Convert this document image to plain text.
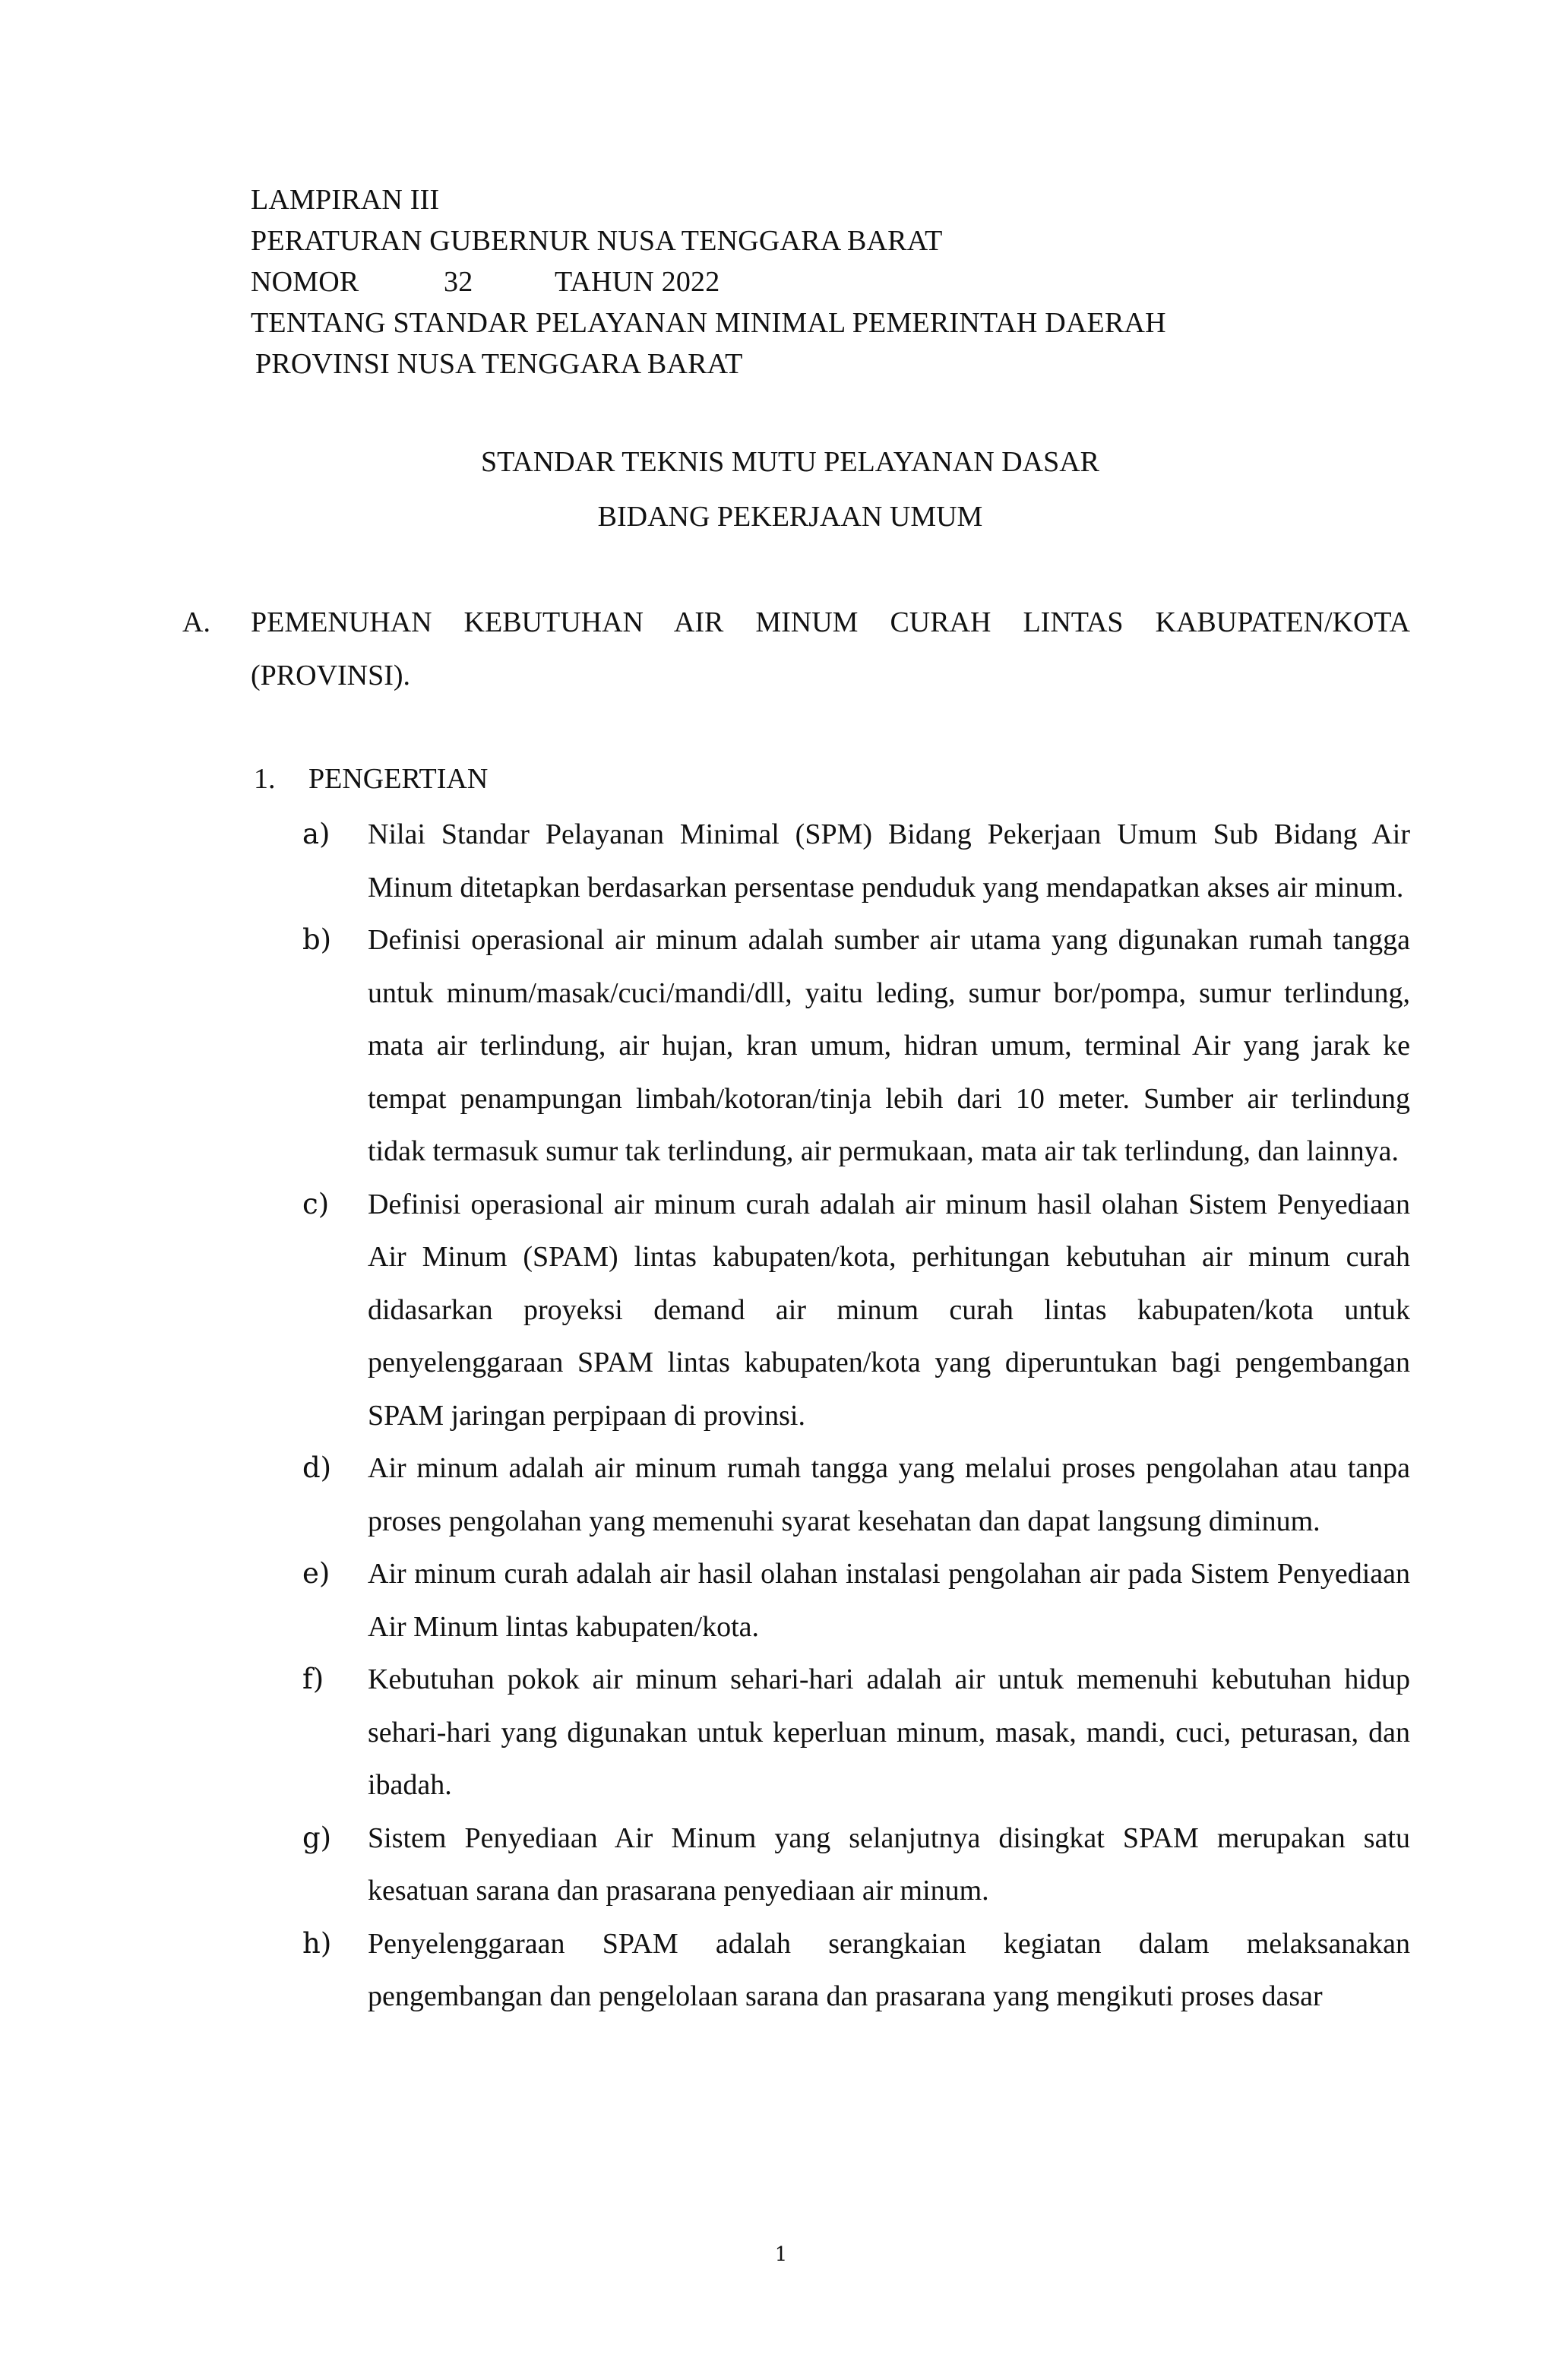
LAMPIRAN III
PERATURAN GUBERNUR NUSA TENGGARA BARAT
NOMOR	32	TAHUN 2022
TENTANG STANDAR PELAYANAN MINIMAL PEMERINTAH DAERAH
PROVINSI NUSA TENGGARA BARAT
STANDAR TEKNIS MUTU PELAYANAN DASAR
BIDANG PEKERJAAN UMUM
A. PEMENUHAN KEBUTUHAN AIR MINUM CURAH LINTAS KABUPATEN/KOTA
(PROVINSI).
1. PENGERTIAN
a) Nilai Standar Pelayanan Minimal (SPM) Bidang Pekerjaan Umum Sub Bidang Air Minum ditetapkan berdasarkan persentase penduduk yang mendapatkan akses air minum.
b) Definisi operasional air minum adalah sumber air utama yang digunakan rumah tangga untuk minum/masak/cuci/mandi/dll, yaitu leding, sumur bor/pompa, sumur terlindung, mata air terlindung, air hujan, kran umum, hidran umum, terminal Air yang jarak ke tempat penampungan limbah/kotoran/tinja lebih dari 10 meter. Sumber air terlindung tidak termasuk sumur tak terlindung, air permukaan, mata air tak terlindung, dan lainnya.
c) Definisi operasional air minum curah adalah air minum hasil olahan Sistem Penyediaan Air Minum (SPAM) lintas kabupaten/kota, perhitungan kebutuhan air minum curah didasarkan proyeksi demand air minum curah lintas kabupaten/kota untuk penyelenggaraan SPAM lintas kabupaten/kota yang diperuntukan bagi pengembangan SPAM jaringan perpipaan di provinsi.
d) Air minum adalah air minum rumah tangga yang melalui proses pengolahan atau tanpa proses pengolahan yang memenuhi syarat kesehatan dan dapat langsung diminum.
e) Air minum curah adalah air hasil olahan instalasi pengolahan air pada Sistem Penyediaan Air Minum lintas kabupaten/kota.
f) Kebutuhan pokok air minum sehari-hari adalah air untuk memenuhi kebutuhan hidup sehari-hari yang digunakan untuk keperluan minum, masak, mandi, cuci, peturasan, dan ibadah.
g) Sistem Penyediaan Air Minum yang selanjutnya disingkat SPAM merupakan satu kesatuan sarana dan prasarana penyediaan air minum.
h) Penyelenggaraan SPAM adalah serangkaian kegiatan dalam melaksanakan pengembangan dan pengelolaan sarana dan prasarana yang mengikuti proses dasar
1
